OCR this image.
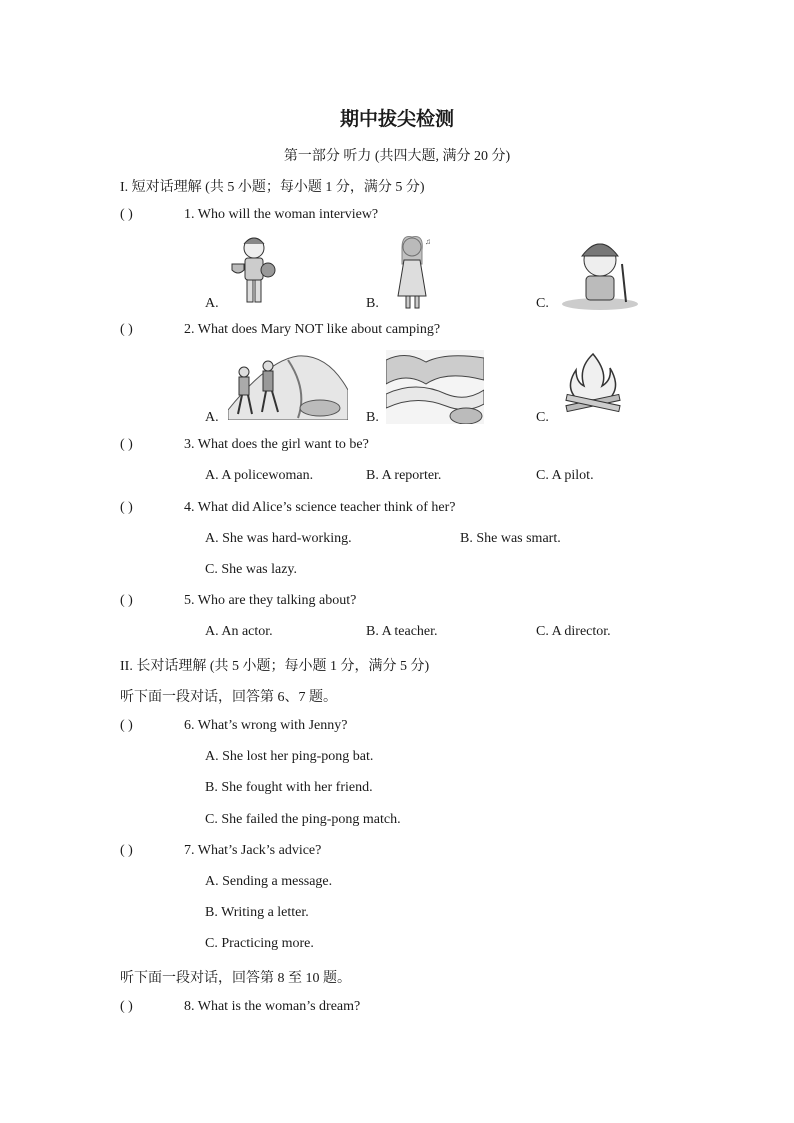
期中拔尖检测
第一部分 听力 (共四大题, 满分 20 分)
I. 短对话理解 (共 5 小题；每小题 1 分，满分 5 分)
( )	1. Who will the woman interview?
A.	B.	C.
♫
( )	2. What does Mary NOT like about camping?
A.	B.	C.
( )	3. What does the girl want to be?
A. A policewoman.	B. A reporter.	C. A pilot.
( )	4. What did Alice’s science teacher think of her?
A. She was hard-working.	B. She was smart.
C. She was lazy.
( )	5. Who are they talking about?
A. An actor.	B. A teacher.	C. A director.
II. 长对话理解 (共 5 小题；每小题 1 分，满分 5 分)
听下面一段对话，回答第 6、7 题。
( )	6. What’s wrong with Jenny?
A. She lost her ping-pong bat.
B. She fought with her friend.
C. She failed the ping-pong match.
( )	7. What’s Jack’s advice?
A. Sending a message.
B. Writing a letter.
C. Practicing more.
听下面一段对话，回答第 8 至 10 题。
( )	8. What is the woman’s dream?
